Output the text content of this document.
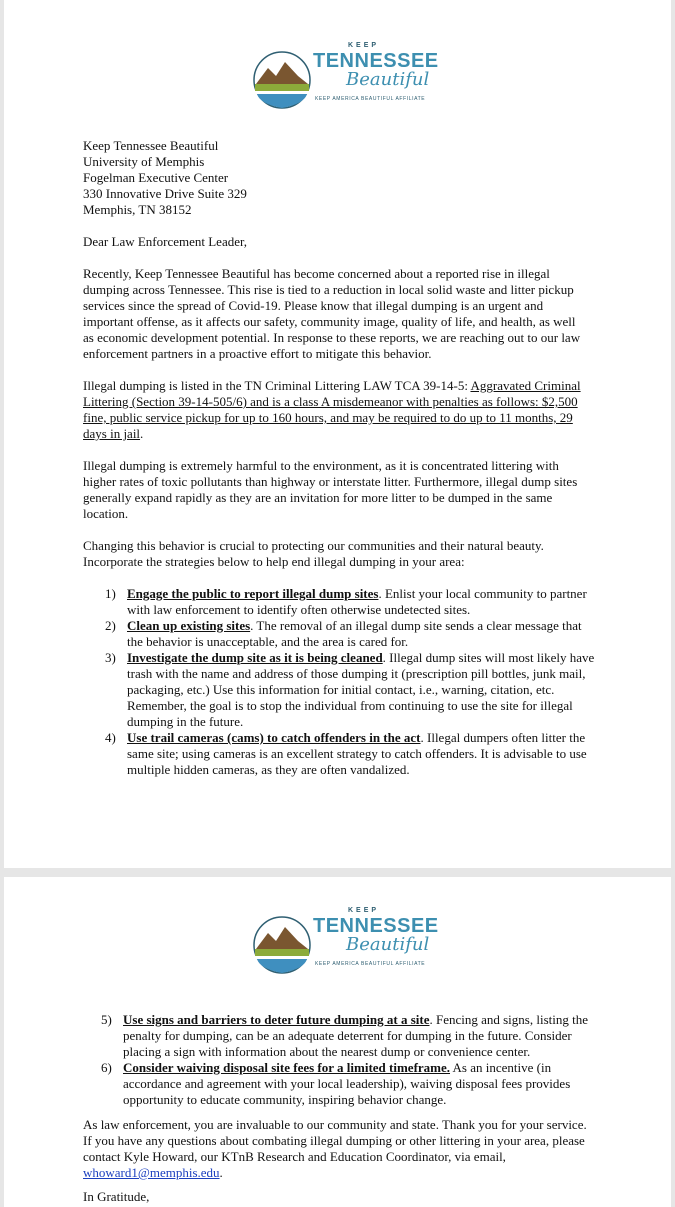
KEEP
TENNESSEE
Beautiful
KEEP AMERICA BEAUTIFUL AFFILIATE
Keep Tennessee Beautiful
University of Memphis
Fogelman Executive Center
330 Innovative Drive Suite 329
Memphis, TN 38152
Dear Law Enforcement Leader,
Recently, Keep Tennessee Beautiful has become concerned about a reported rise in illegal
dumping across Tennessee. This rise is tied to a reduction in local solid waste and litter pickup
services since the spread of Covid-19. Please know that illegal dumping is an urgent and
important offense, as it affects our safety, community image, quality of life, and health, as well
as economic development potential. In response to these reports, we are reaching out to our law
enforcement partners in a proactive effort to mitigate this behavior.
Illegal dumping is listed in the TN Criminal Littering LAW TCA 39-14-5: Aggravated Criminal
Littering (Section 39-14-505/6) and is a class A misdemeanor with penalties as follows: $2,500
fine, public service pickup for up to 160 hours, and may be required to do up to 11 months, 29
days in jail.
Illegal dumping is extremely harmful to the environment, as it is concentrated littering with
higher rates of toxic pollutants than highway or interstate litter. Furthermore, illegal dump sites
generally expand rapidly as they are an invitation for more litter to be dumped in the same
location.
Changing this behavior is crucial to protecting our communities and their natural beauty.
Incorporate the strategies below to help end illegal dumping in your area:
1) Engage the public to report illegal dump sites. Enlist your local community to partner
with law enforcement to identify often otherwise undetected sites.
2) Clean up existing sites. The removal of an illegal dump site sends a clear message that
the behavior is unacceptable, and the area is cared for.
3) Investigate the dump site as it is being cleaned. Illegal dump sites will most likely have
trash with the name and address of those dumping it (prescription pill bottles, junk mail,
packaging, etc.) Use this information for initial contact, i.e., warning, citation, etc.
Remember, the goal is to stop the individual from continuing to use the site for illegal
dumping in the future.
4) Use trail cameras (cams) to catch offenders in the act. Illegal dumpers often litter the
same site; using cameras is an excellent strategy to catch offenders. It is advisable to use
multiple hidden cameras, as they are often vandalized.
KEEP
TENNESSEE
Beautiful
KEEP AMERICA BEAUTIFUL AFFILIATE
5) Use signs and barriers to deter future dumping at a site. Fencing and signs, listing the
penalty for dumping, can be an adequate deterrent for dumping in the future. Consider
placing a sign with information about the nearest dump or convenience center.
6) Consider waiving disposal site fees for a limited timeframe. As an incentive (in
accordance and agreement with your local leadership), waiving disposal fees provides
opportunity to educate community, inspiring behavior change.
As law enforcement, you are invaluable to our community and state. Thank you for your service.
If you have any questions about combating illegal dumping or other littering in your area, please
contact Kyle Howard, our KTnB Research and Education Coordinator, via email,
whoward1@memphis.edu.
In Gratitude,
